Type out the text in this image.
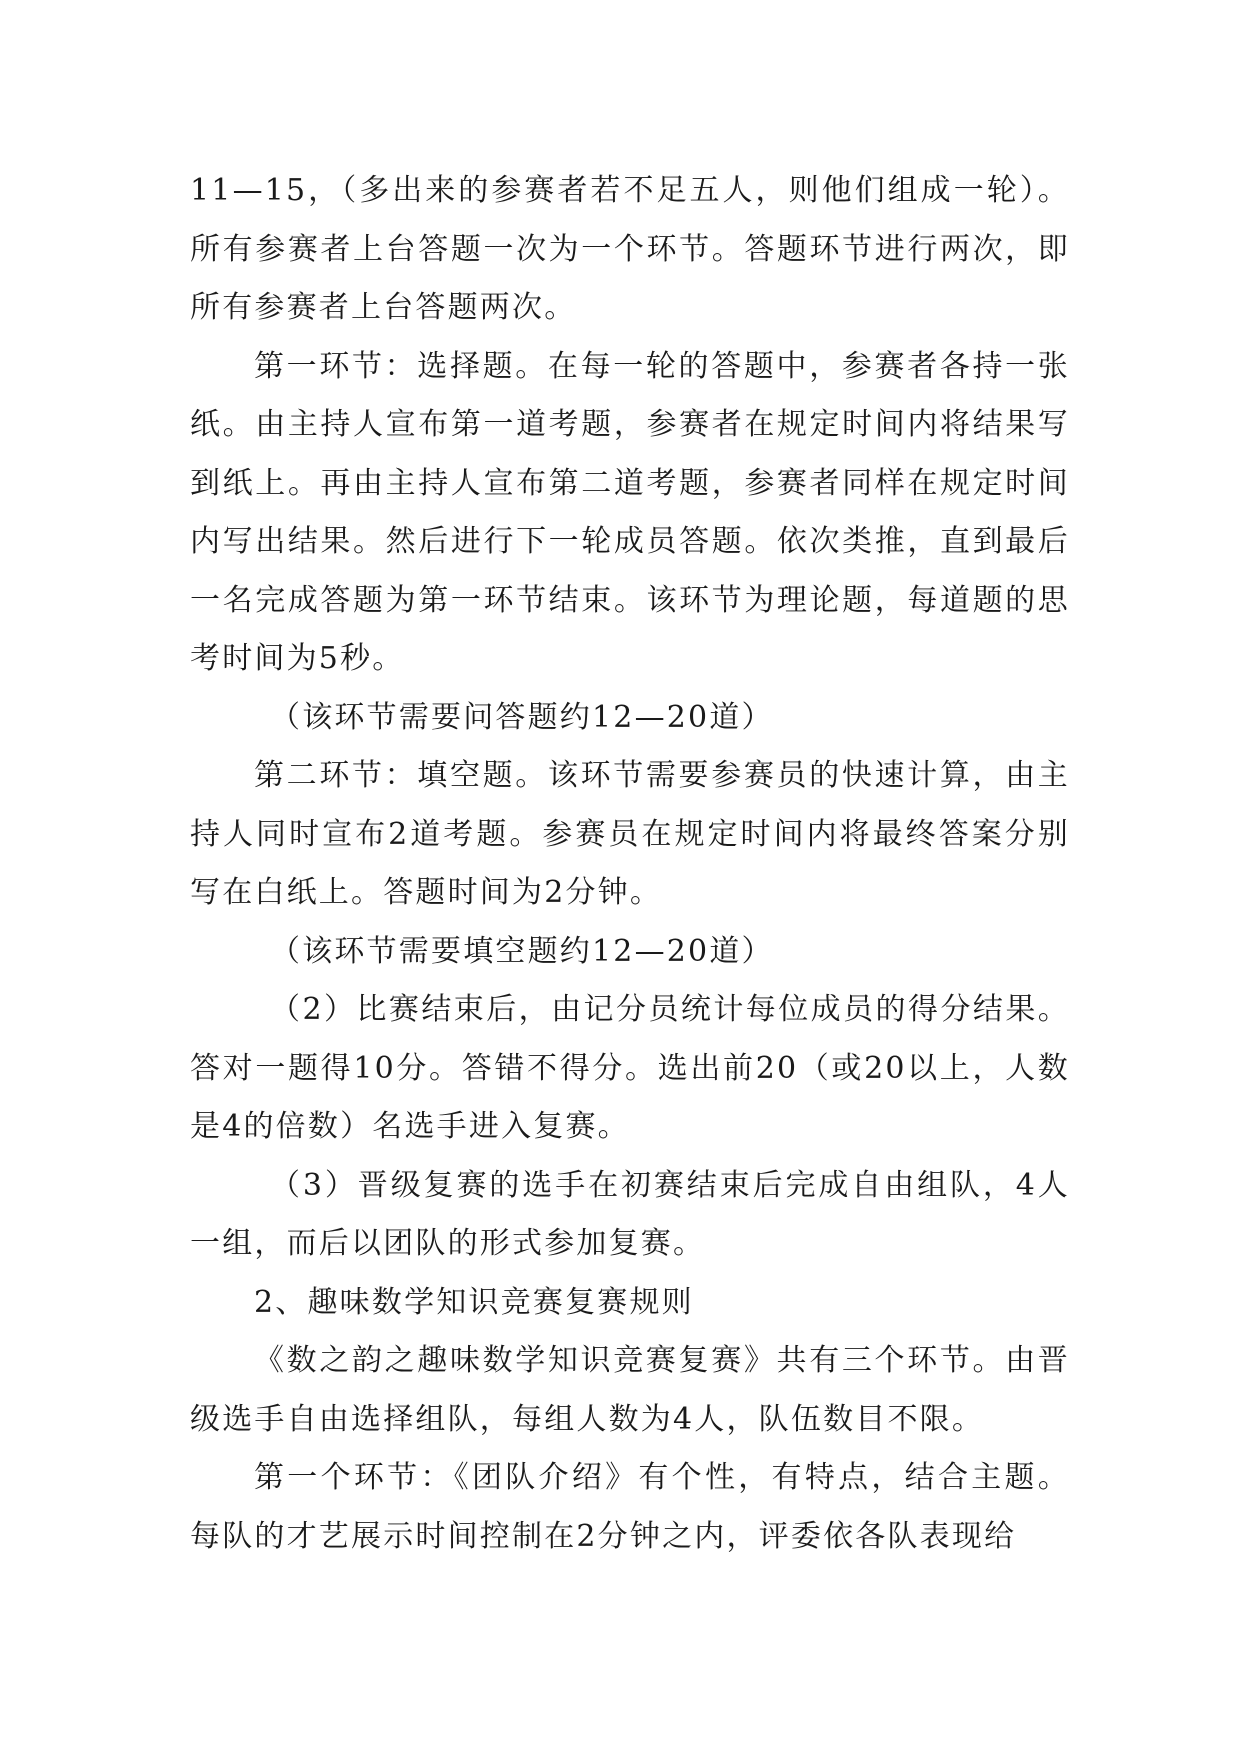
11—15，（多出来的参赛者若不足五人，则他们组成一轮）。所有参赛者上台答题一次为一个环节。答题环节进行两次，即所有参赛者上台答题两次。

第一环节：选择题。在每一轮的答题中，参赛者各持一张纸。由主持人宣布第一道考题，参赛者在规定时间内将结果写到纸上。再由主持人宣布第二道考题，参赛者同样在规定时间内写出结果。然后进行下一轮成员答题。依次类推，直到最后一名完成答题为第一环节结束。该环节为理论题，每道题的思考时间为5秒。

（该环节需要问答题约12—20道）

第二环节：填空题。该环节需要参赛员的快速计算，由主持人同时宣布2道考题。参赛员在规定时间内将最终答案分别写在白纸上。答题时间为2分钟。

（该环节需要填空题约12—20道）

（2）比赛结束后，由记分员统计每位成员的得分结果。答对一题得10分。答错不得分。选出前20（或20以上，人数是4的倍数）名选手进入复赛。

（3）晋级复赛的选手在初赛结束后完成自由组队，4人一组，而后以团队的形式参加复赛。

2、趣味数学知识竞赛复赛规则

《数之韵之趣味数学知识竞赛复赛》共有三个环节。由晋级选手自由选择组队，每组人数为4人，队伍数目不限。

第一个环节：《团队介绍》有个性，有特点，结合主题。每队的才艺展示时间控制在2分钟之内，评委依各队表现给
